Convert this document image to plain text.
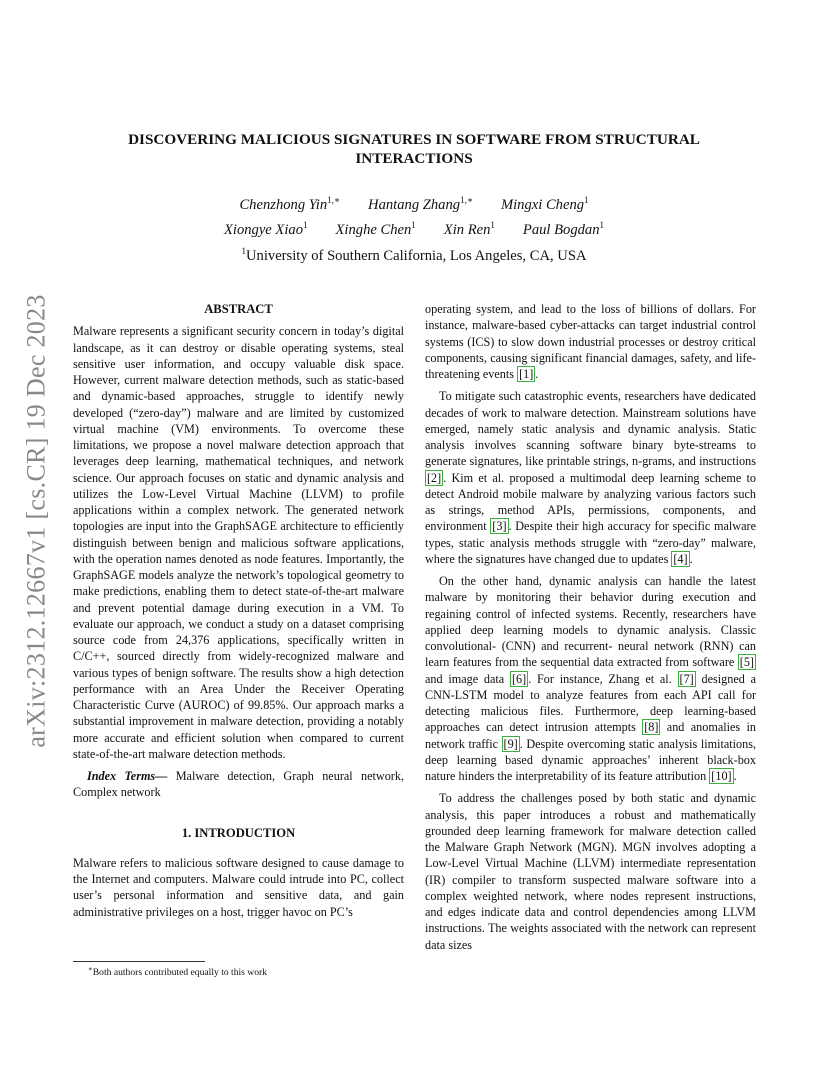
arXiv:2312.12667v1 [cs.CR] 19 Dec 2023
DISCOVERING MALICIOUS SIGNATURES IN SOFTWARE FROM STRUCTURAL
INTERACTIONS
Chenzhong Yin$^{1,∗}$ Hantang Zhang$^{1,∗}$ Mingxi Cheng$^1$
Xiongye Xiao$^1$ Xinghe Chen$^1$ Xin Ren$^1$ Paul Bogdan$^1$
$^1$University of Southern California, Los Angeles, CA, USA
ABSTRACT

Malware represents a significant security concern in today’s digital landscape, as it can destroy or disable operating systems, steal sensitive user information, and occupy valuable disk space. However, current malware detection methods, such as static-based and dynamic-based approaches, struggle to identify newly developed (“zero-day”) malware and are limited by customized virtual machine (VM) environments. To overcome these limitations, we propose a novel malware detection approach that leverages deep learning, mathematical techniques, and network science. Our approach focuses on static and dynamic analysis and utilizes the Low-Level Virtual Machine (LLVM) to profile applications within a complex network. The generated network topologies are input into the GraphSAGE architecture to efficiently distinguish between benign and malicious software applications, with the operation names denoted as node features. Importantly, the GraphSAGE models analyze the network’s topological geometry to make predictions, enabling them to detect state-of-the-art malware and prevent potential damage during execution in a VM. To evaluate our approach, we conduct a study on a dataset comprising source code from 24,376 applications, specifically written in C/C++, sourced directly from widely-recognized malware and various types of benign software. The results show a high detection performance with an Area Under the Receiver Operating Characteristic Curve (AUROC) of 99.85%. Our approach marks a substantial improvement in malware detection, providing a notably more accurate and efficient solution when compared to current state-of-the-art malware detection methods.

Index Terms— Malware detection, Graph neural network, Complex network

1. INTRODUCTION

Malware refers to malicious software designed to cause damage to the Internet and computers. Malware could intrude into PC, collect user’s personal information and sensitive data, and gain administrative privileges on a host, trigger havoc on PC’s

∗Both authors contributed equally to this work

operating system, and lead to the loss of billions of dollars. For instance, malware-based cyber-attacks can target industrial control systems (ICS) to slow down industrial processes or destroy critical components, causing significant financial damages, safety, and life-threatening events [1] .

To mitigate such catastrophic events, researchers have dedicated decades of work to malware detection. Mainstream solutions have emerged, namely static analysis and dynamic analysis. Static analysis involves scanning software binary byte-streams to generate signatures, like printable strings, n-grams, and instructions [2] . Kim et al. proposed a multimodal deep learning scheme to detect Android mobile malware by analyzing various factors such as strings, method APIs, permissions, components, and environment [3] . Despite their high accuracy for specific malware types, static analysis methods struggle with “zero-day” malware, where the signatures have changed due to updates [4] .

On the other hand, dynamic analysis can handle the latest malware by monitoring their behavior during execution and regaining control of infected systems. Recently, researchers have applied deep learning models to dynamic analysis. Classic convolutional- (CNN) and recurrent- neural network (RNN) can learn features from the sequential data extracted from software [5] and image data [6] . For instance, Zhang et al. [7] designed a CNN-LSTM model to analyze features from each API call for detecting malicious files. Furthermore, deep learning-based approaches can detect intrusion attempts [8] and anomalies in network traffic [9] . Despite overcoming static analysis limitations, deep learning based dynamic approaches’ inherent black-box nature hinders the interpretability of its feature attribution [10] .

To address the challenges posed by both static and dynamic analysis, this paper introduces a robust and mathematically grounded deep learning framework for malware detection called the Malware Graph Network (MGN). MGN involves adopting a Low-Level Virtual Machine (LLVM) intermediate representation (IR) compiler to transform suspected malware software into a complex weighted network, where nodes represent instructions, and edges indicate data and control dependencies among LLVM instructions. The weights associated with the network can represent data sizes
